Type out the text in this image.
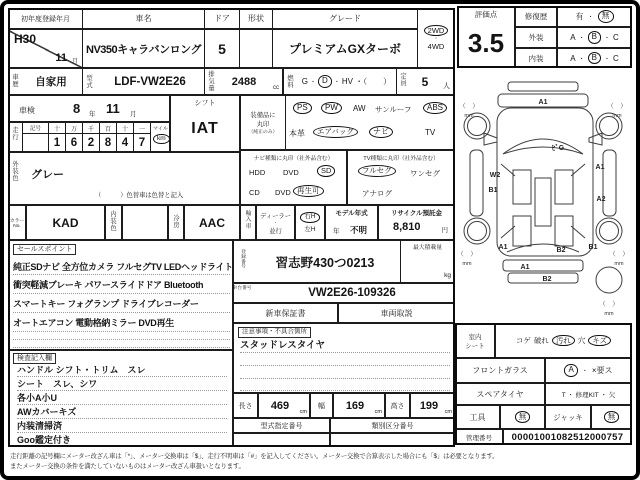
初年度登録年月	車名	ドア	形状	グレード
H30
11 月
NV350キャラバンロング	5	プレミアムGXターボ
2WD
・
4WD
車歴	自家用	型式	LDF-VW2E26
排気量
2488
cc
燃料 G ・ D	・ HV ・（　　）
定員	5	人
車検	8 年 11 月
シフト
IAT
走行
記号	十	万	千	百	十	一
1 6 2 8 4 7
マイル
km
装備品に
丸印
（純正のみ）
PS	PW	AW サンルーフ	ABS
本革	エアバッグ	ナビ	TV
ナビ種類に丸印（社外品含む）
HDD DVD	SD
CD DVD 再生可
TV種類に丸印（社外品含む）
フルセグ	ワンセグ
アナログ
外装色 グレー
（　　　）色替車は色替と記入
カラー
No.	KAD
内装色
冷房	AAC
輸入車
ディーラー
・
並行
右H
左H
モデル年式
年 不明
リサイクル預託金
8,810	円
セールスポイント
純正SDナビ 全方位カメラ フルセグTV LEDヘッドライト
衝突軽減ブレーキ パワースライドドア Bluetooth
スマートキー フォグランプ ドライブレコーダー
オートエアコン 電動格納ミラー DVD再生
登録番号	習志野430つ0213
最大積載量
kg
車台番号	VW2E26-109326
新車保証書	車両取説
注意事項・不具合箇所
スタッドレスタイヤ
検査記入欄
ハンドル シフト・トリム　スレ
シート　スレ、シワ
各小A小U
AWカバーキズ
内装清掃済
Goo鑑定付き
長さ	469
cm
幅	169
cm
高さ	199
cm
型式指定番号	類別区分番号
評価点
3.5
修復歴	有 ・	無
外装	A ・ B	・ C
内装	A ・ B	・ C
A1
ﾋﾞG
W2
B1
A1
A2
A1	B2	B1
A1
B2
（　）
mm
（　）
mm
（　）
mm
（　）
mm
（　）
mm
室内
シート
コゲ 破れ 汚れ 穴 キズ
フロントガラス	A	・ ×要ス
スペアタイヤ	T ・ 修理KIT ・ 欠
工具	無	ジャッキ	無
管理番号	00001001082512000757
走行距離の記号欄にメーター改ざん車は「*」、メーター交換車は「$」、走行不明車は「#」を記入してください。メーター交換で合算表示した場合にも「$」は必要となります。
またメーター交換の条件を満たしていないものはメーター改ざん車扱いとなります。
